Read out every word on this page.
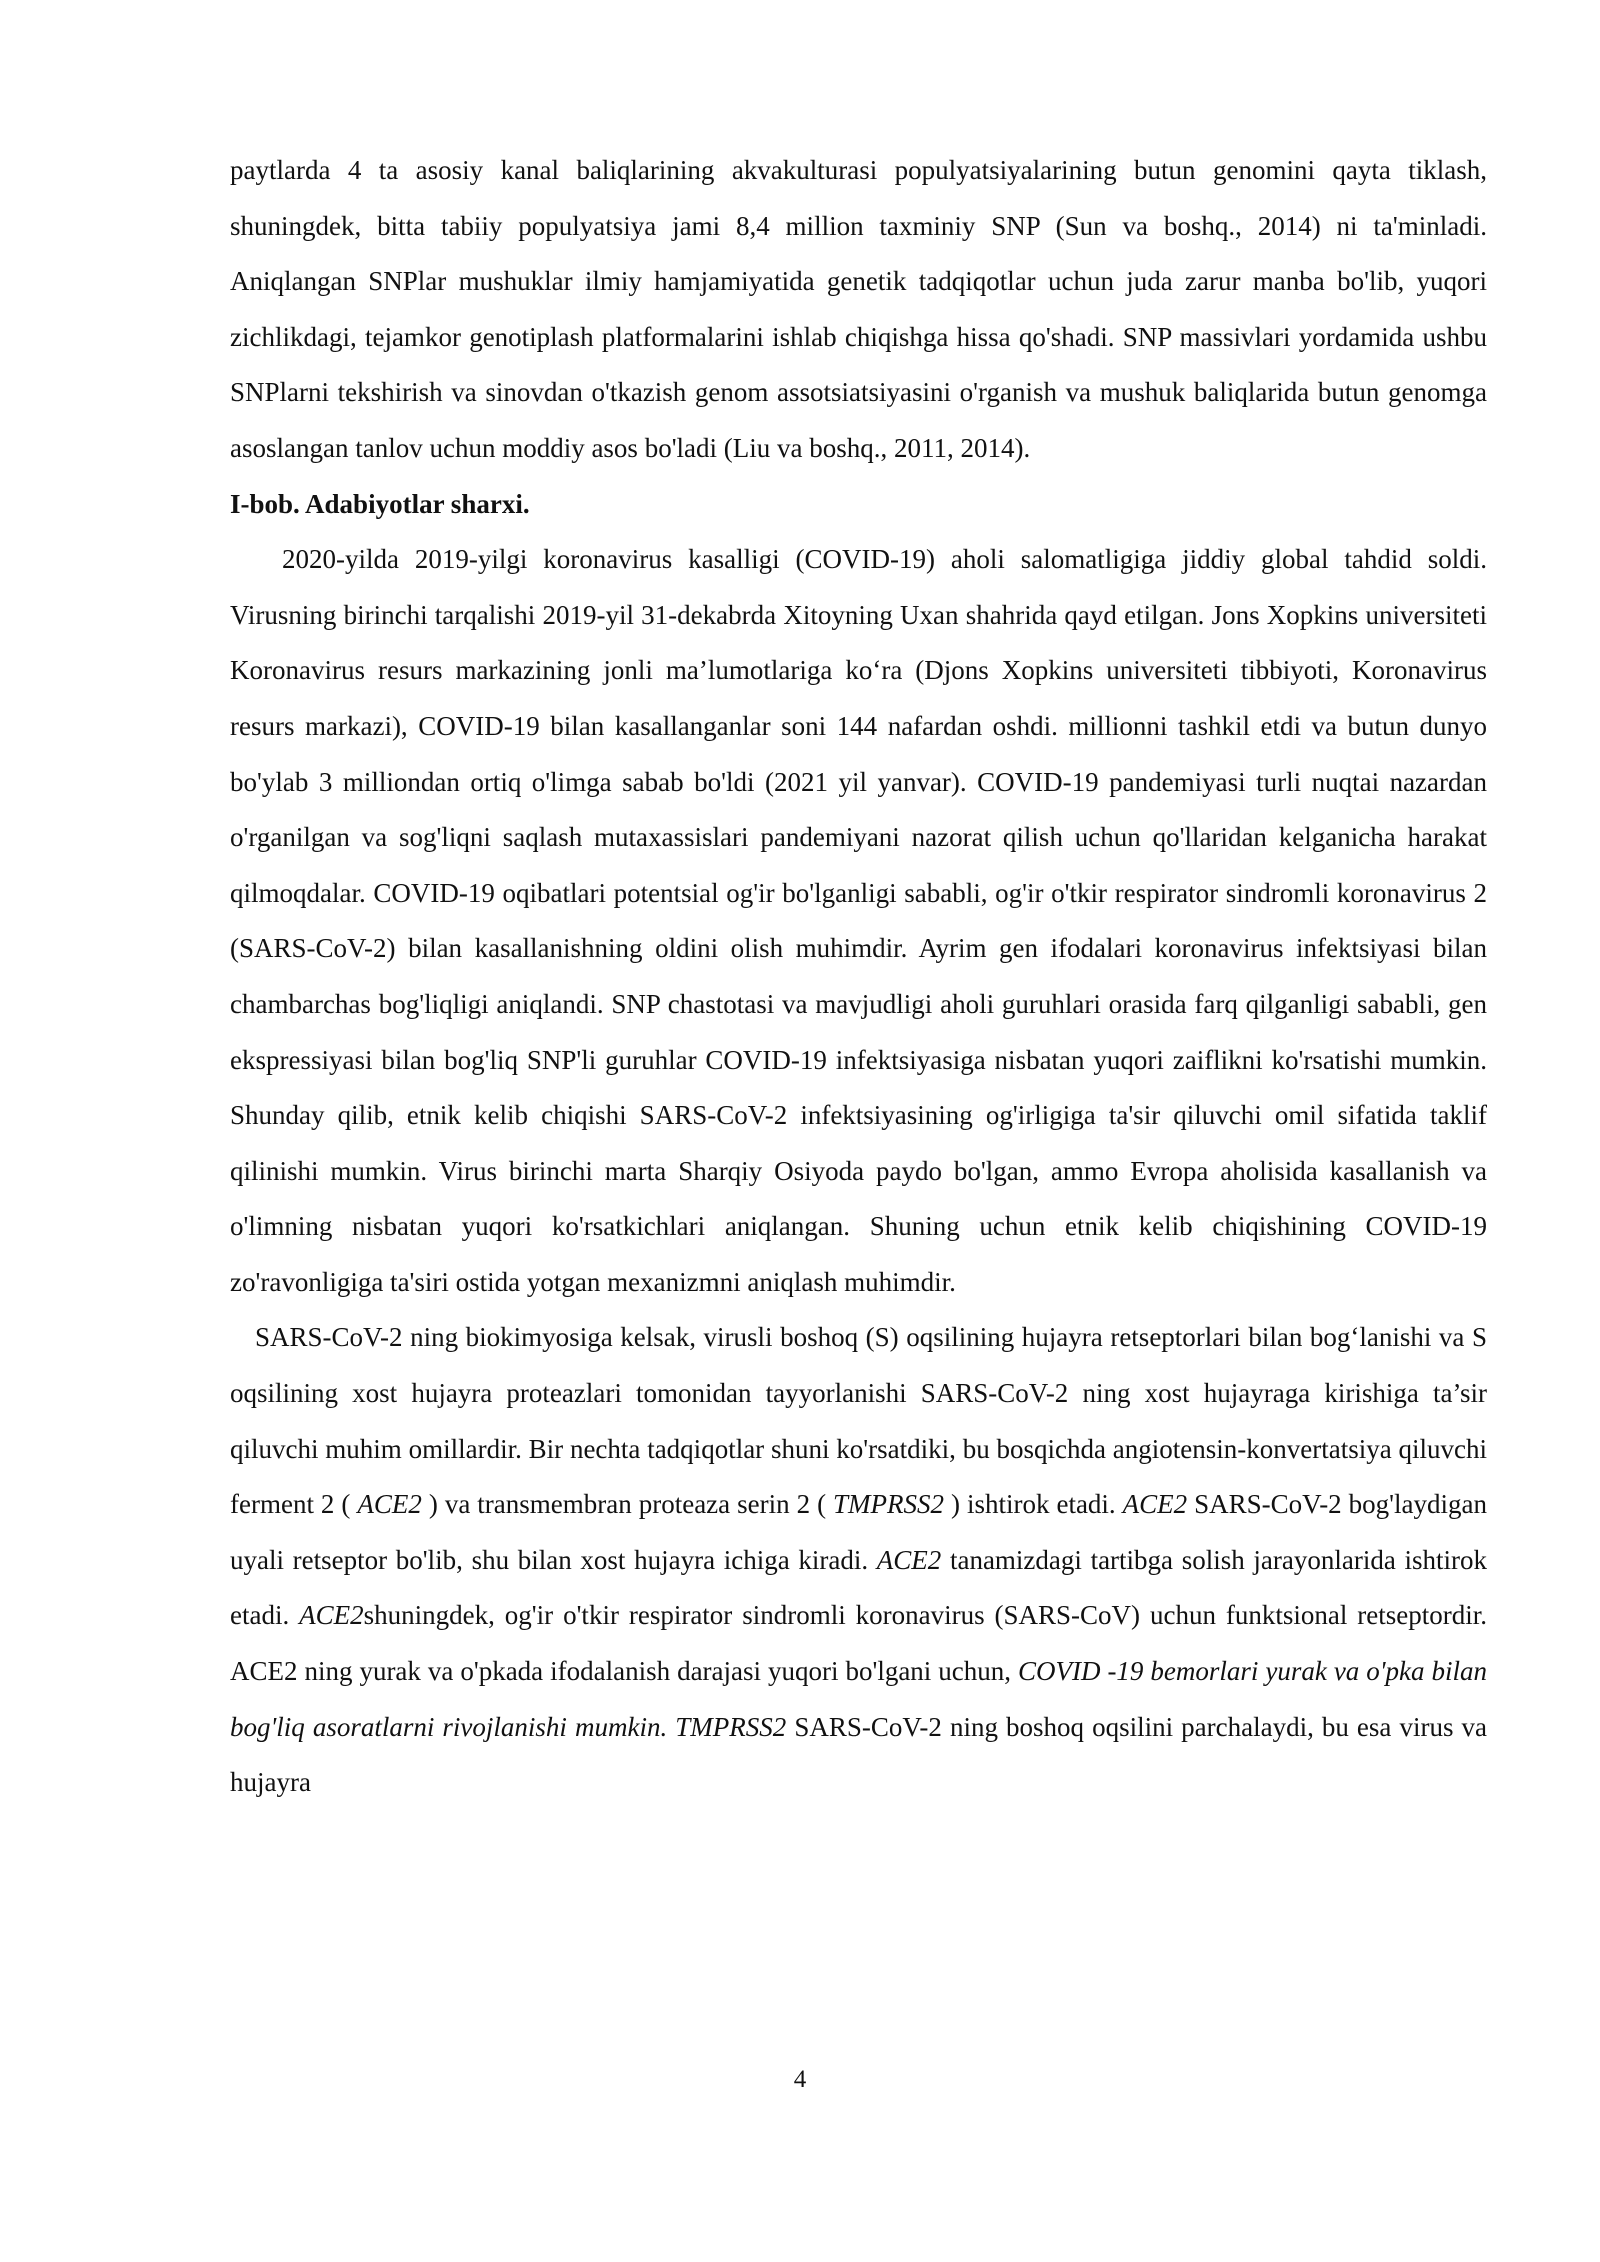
paytlarda 4 ta asosiy kanal baliqlarining akvakulturasi populyatsiyalarining butun genomini qayta tiklash, shuningdek, bitta tabiiy populyatsiya jami 8,4 million taxminiy SNP (Sun va boshq., 2014) ni ta'minladi. Aniqlangan SNPlar mushuklar ilmiy hamjamiyatida genetik tadqiqotlar uchun juda zarur manba bo'lib, yuqori zichlikdagi, tejamkor genotiplash platformalarini ishlab chiqishga hissa qo'shadi. SNP massivlari yordamida ushbu SNPlarni tekshirish va sinovdan o'tkazish genom assotsiatsiyasini o'rganish va mushuk baliqlarida butun genomga asoslangan tanlov uchun moddiy asos bo'ladi (Liu va boshq., 2011, 2014).

I-bob. Adabiyotlar sharxi.

2020-yilda 2019-yilgi koronavirus kasalligi (COVID-19) aholi salomatligiga jiddiy global tahdid soldi. Virusning birinchi tarqalishi 2019-yil 31-dekabrda Xitoyning Uxan shahrida qayd etilgan. Jons Xopkins universiteti Koronavirus resurs markazining jonli ma’lumotlariga ko‘ra (Djons Xopkins universiteti tibbiyoti, Koronavirus resurs markazi), COVID-19 bilan kasallanganlar soni 144 nafardan oshdi. millionni tashkil etdi va butun dunyo bo'ylab 3 milliondan ortiq o'limga sabab bo'ldi (2021 yil yanvar). COVID-19 pandemiyasi turli nuqtai nazardan o'rganilgan va sog'liqni saqlash mutaxassislari pandemiyani nazorat qilish uchun qo'llaridan kelganicha harakat qilmoqdalar. COVID-19 oqibatlari potentsial og'ir bo'lganligi sababli, og'ir o'tkir respirator sindromli koronavirus 2 (SARS-CoV-2) bilan kasallanishning oldini olish muhimdir. Ayrim gen ifodalari koronavirus infektsiyasi bilan chambarchas bog'liqligi aniqlandi. SNP chastotasi va mavjudligi aholi guruhlari orasida farq qilganligi sababli, gen ekspressiyasi bilan bog'liq SNP'li guruhlar COVID-19 infektsiyasiga nisbatan yuqori zaiflikni ko'rsatishi mumkin. Shunday qilib, etnik kelib chiqishi SARS-CoV-2 infektsiyasining og'irligiga ta'sir qiluvchi omil sifatida taklif qilinishi mumkin. Virus birinchi marta Sharqiy Osiyoda paydo bo'lgan, ammo Evropa aholisida kasallanish va o'limning nisbatan yuqori ko'rsatkichlari aniqlangan. Shuning uchun etnik kelib chiqishining COVID-19 zo'ravonligiga ta'siri ostida yotgan mexanizmni aniqlash muhimdir.

SARS-CoV-2 ning biokimyosiga kelsak, virusli boshoq (S) oqsilining hujayra retseptorlari bilan bog‘lanishi va S oqsilining xost hujayra proteazlari tomonidan tayyorlanishi SARS-CoV-2 ning xost hujayraga kirishiga ta’sir qiluvchi muhim omillardir. Bir nechta tadqiqotlar shuni ko'rsatdiki, bu bosqichda angiotensin-konvertatsiya qiluvchi ferment 2 ( ACE2 ) va transmembran proteaza serin 2 ( TMPRSS2 ) ishtirok etadi. ACE2 SARS-CoV-2 bog'laydigan uyali retseptor bo'lib, shu bilan xost hujayra ichiga kiradi. ACE2 tanamizdagi tartibga solish jarayonlarida ishtirok etadi. ACE2shuningdek, og'ir o'tkir respirator sindromli koronavirus (SARS-CoV) uchun funktsional retseptordir. ACE2 ning yurak va o'pkada ifodalanish darajasi yuqori bo'lgani uchun, COVID -19 bemorlari yurak va o'pka bilan bog'liq asoratlarni rivojlanishi mumkin. TMPRSS2 SARS-CoV-2 ning boshoq oqsilini parchalaydi, bu esa virus va hujayra

4
